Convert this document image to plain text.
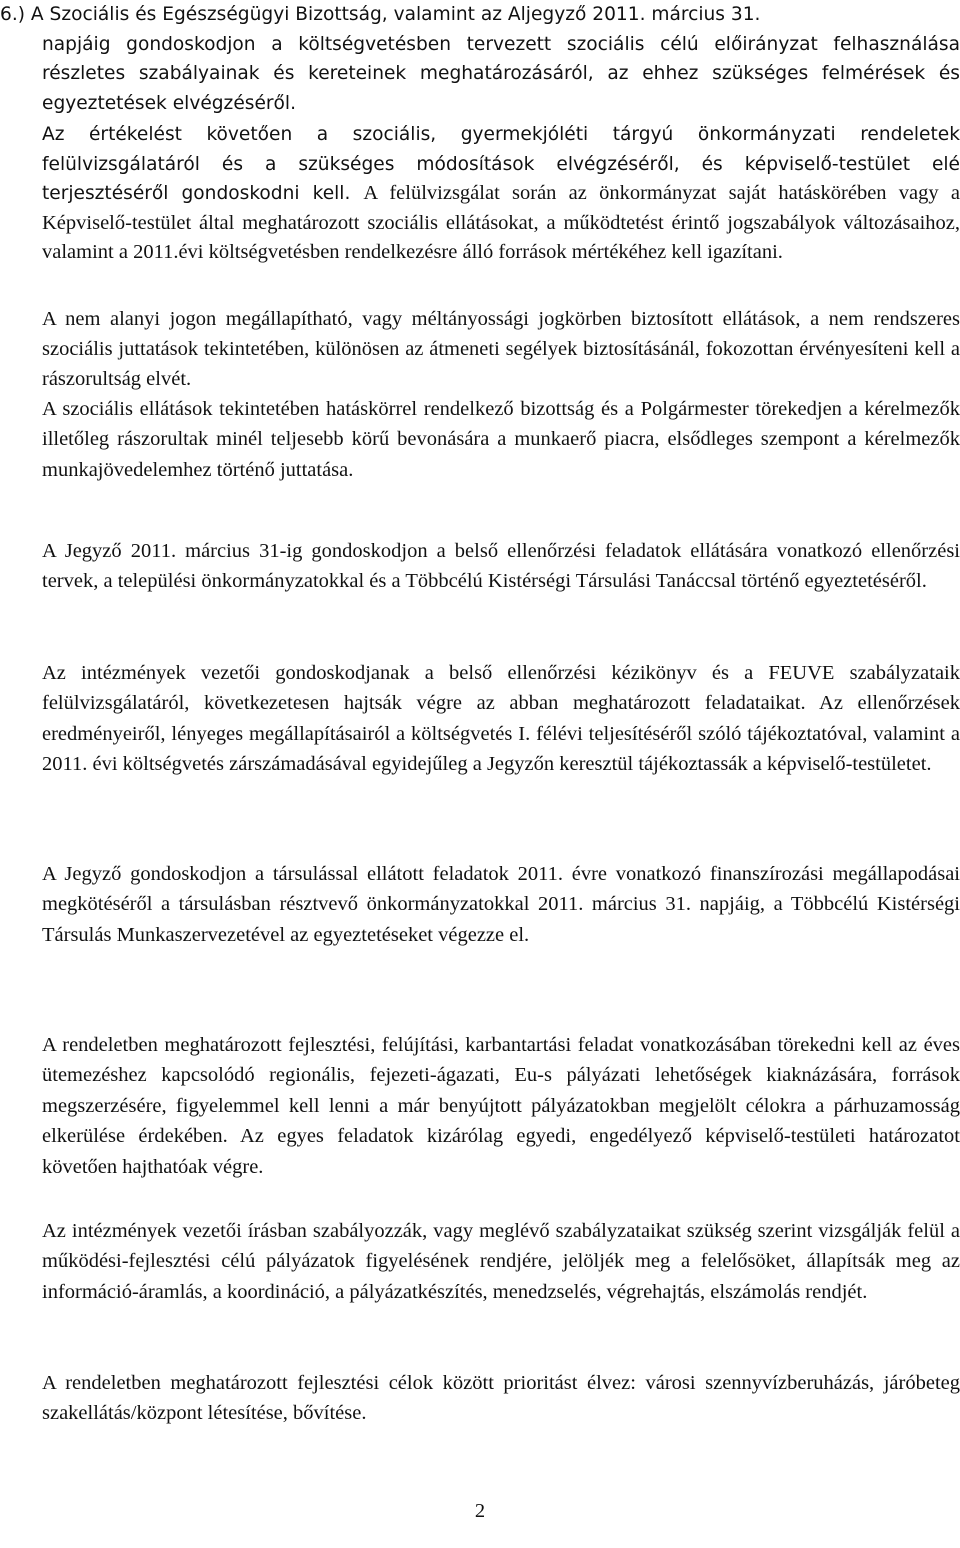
6.) A Szociális és Egészségügyi Bizottság, valamint az Aljegyző 2011. március 31.
napjáig gondoskodjon a költségvetésben tervezett szociális célú előirányzat felhasználása részletes szabályainak és kereteinek meghatározásáról, az ehhez szükséges felmérések és egyeztetések elvégzéséről.
Az értékelést követően a szociális, gyermekjóléti tárgyú önkormányzati rendeletek felülvizsgálatáról és a szükséges módosítások elvégzéséről, és képviselő-testület elé terjesztéséről gondoskodni kell. A felülvizsgálat során az önkormányzat saját hatáskörében vagy a Képviselő-testület által meghatározott szociális ellátásokat, a működtetést érintő jogszabályok változásaihoz, valamint a 2011.évi költségvetésben rendelkezésre álló források mértékéhez kell igazítani.
A nem alanyi jogon megállapítható, vagy méltányossági jogkörben biztosított ellátások, a nem rendszeres szociális juttatások tekintetében, különösen az átmeneti segélyek biztosításánál, fokozottan érvényesíteni kell a rászorultság elvét.
A szociális ellátások tekintetében hatáskörrel rendelkező bizottság és a Polgármester törekedjen a kérelmezők illetőleg rászorultak minél teljesebb körű bevonására a munkaerő piacra, elsődleges szempont a kérelmezők munkajövedelemhez történő juttatása.
A Jegyző 2011. március 31-ig gondoskodjon a belső ellenőrzési feladatok ellátására vonatkozó ellenőrzési tervek, a települési önkormányzatokkal és a Többcélú Kistérségi Társulási Tanáccsal történő egyeztetéséről.
Az intézmények vezetői gondoskodjanak a belső ellenőrzési kézikönyv és a FEUVE szabályzataik felülvizsgálatáról, következetesen hajtsák végre az abban meghatározott feladataikat. Az ellenőrzések eredményeiről, lényeges megállapításairól a költségvetés I. félévi teljesítéséről szóló tájékoztatóval, valamint a 2011. évi költségvetés zárszámadásával egyidejűleg a Jegyzőn keresztül tájékoztassák a képviselő-testületet.
A Jegyző gondoskodjon a társulással ellátott feladatok 2011. évre vonatkozó finanszírozási megállapodásai megkötéséről a társulásban résztvevő önkormányzatokkal 2011. március 31. napjáig, a Többcélú Kistérségi Társulás Munkaszervezetével az egyeztetéseket végezze el.
A rendeletben meghatározott fejlesztési, felújítási, karbantartási feladat vonatkozásában törekedni kell az éves ütemezéshez kapcsolódó regionális, fejezeti-ágazati, Eu-s pályázati lehetőségek kiaknázására, források megszerzésére, figyelemmel kell lenni a már benyújtott pályázatokban megjelölt célokra a párhuzamosság elkerülése érdekében. Az egyes feladatok kizárólag egyedi, engedélyező képviselő-testületi határozatot követően hajthatóak végre.
Az intézmények vezetői írásban szabályozzák, vagy meglévő szabályzataikat szükség szerint vizsgálják felül a működési-fejlesztési célú pályázatok figyelésének rendjére, jelöljék meg a felelősöket, állapítsák meg az információ-áramlás, a koordináció, a pályázatkészítés, menedzselés, végrehajtás, elszámolás rendjét.
A rendeletben meghatározott fejlesztési célok között prioritást élvez: városi szennyvízberuházás, járóbeteg szakellátás/központ létesítése, bővítése.
2
